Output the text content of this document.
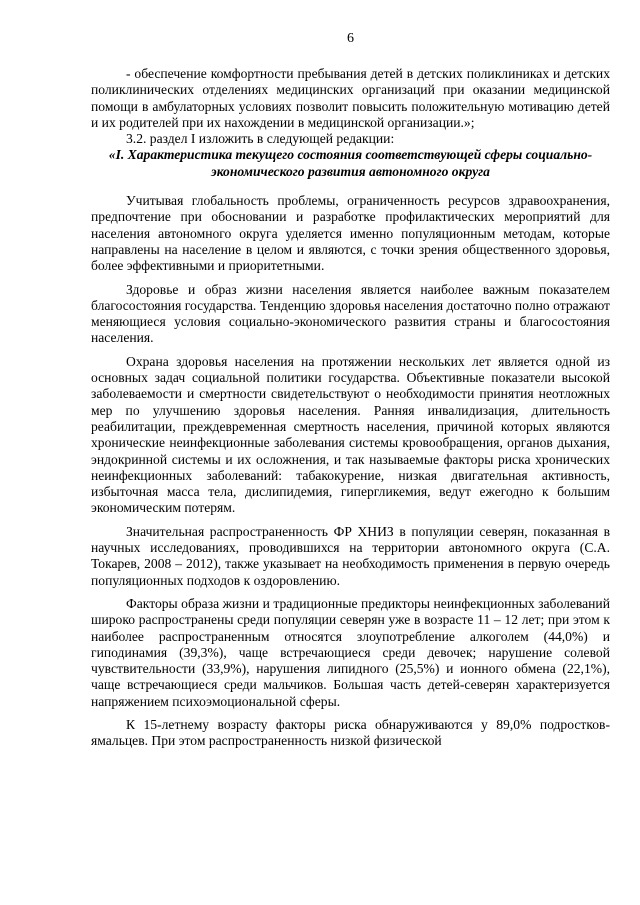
6

- обеспечение комфортности пребывания детей в детских поликлиниках и детских поликлинических отделениях медицинских организаций при оказании медицинской помощи в амбулаторных условиях позволит повысить положительную мотивацию детей и их родителей при их нахождении в медицинской организации.»;

3.2. раздел I изложить в следующей редакции:

«I. Характеристика текущего состояния соответствующей сферы социально-экономического развития автономного округа

Учитывая глобальность проблемы, ограниченность ресурсов здравоохранения, предпочтение при обосновании и разработке профилактических мероприятий для населения автономного округа уделяется именно популяционным методам, которые направлены на население в целом и являются, с точки зрения общественного здоровья, более эффективными и приоритетными.

Здоровье и образ жизни населения является наиболее важным показателем благосостояния государства. Тенденцию здоровья населения достаточно полно отражают меняющиеся условия социально-экономического развития страны и благосостояния населения.

Охрана здоровья населения на протяжении нескольких лет является одной из основных задач социальной политики государства. Объективные показатели высокой заболеваемости и смертности свидетельствуют о необходимости принятия неотложных мер по улучшению здоровья населения. Ранняя инвалидизация, длительность реабилитации, преждевременная смертность населения, причиной которых являются хронические неинфекционные заболевания системы кровообращения, органов дыхания, эндокринной системы и их осложнения, и так называемые факторы риска хронических неинфекционных заболеваний: табакокурение, низкая двигательная активность, избыточная масса тела, дислипидемия, гипергликемия, ведут ежегодно к большим экономическим потерям.

Значительная распространенность ФР ХНИЗ в популяции северян, показанная в научных исследованиях, проводившихся на территории автономного округа (С.А. Токарев, 2008 – 2012), также указывает на необходимость применения в первую очередь популяционных подходов к оздоровлению.

Факторы образа жизни и традиционные предикторы неинфекционных заболеваний широко распространены среди популяции северян уже в возрасте 11 – 12 лет; при этом к наиболее распространенным относятся злоупотребление алкоголем (44,0%) и гиподинамия (39,3%), чаще встречающиеся среди девочек; нарушение солевой чувствительности (33,9%), нарушения липидного (25,5%) и ионного обмена (22,1%), чаще встречающиеся среди мальчиков. Большая часть детей-северян характеризуется напряжением психоэмоциональной сферы.

К 15-летнему возрасту факторы риска обнаруживаются у 89,0% подростков-ямальцев. При этом распространенность низкой физической
